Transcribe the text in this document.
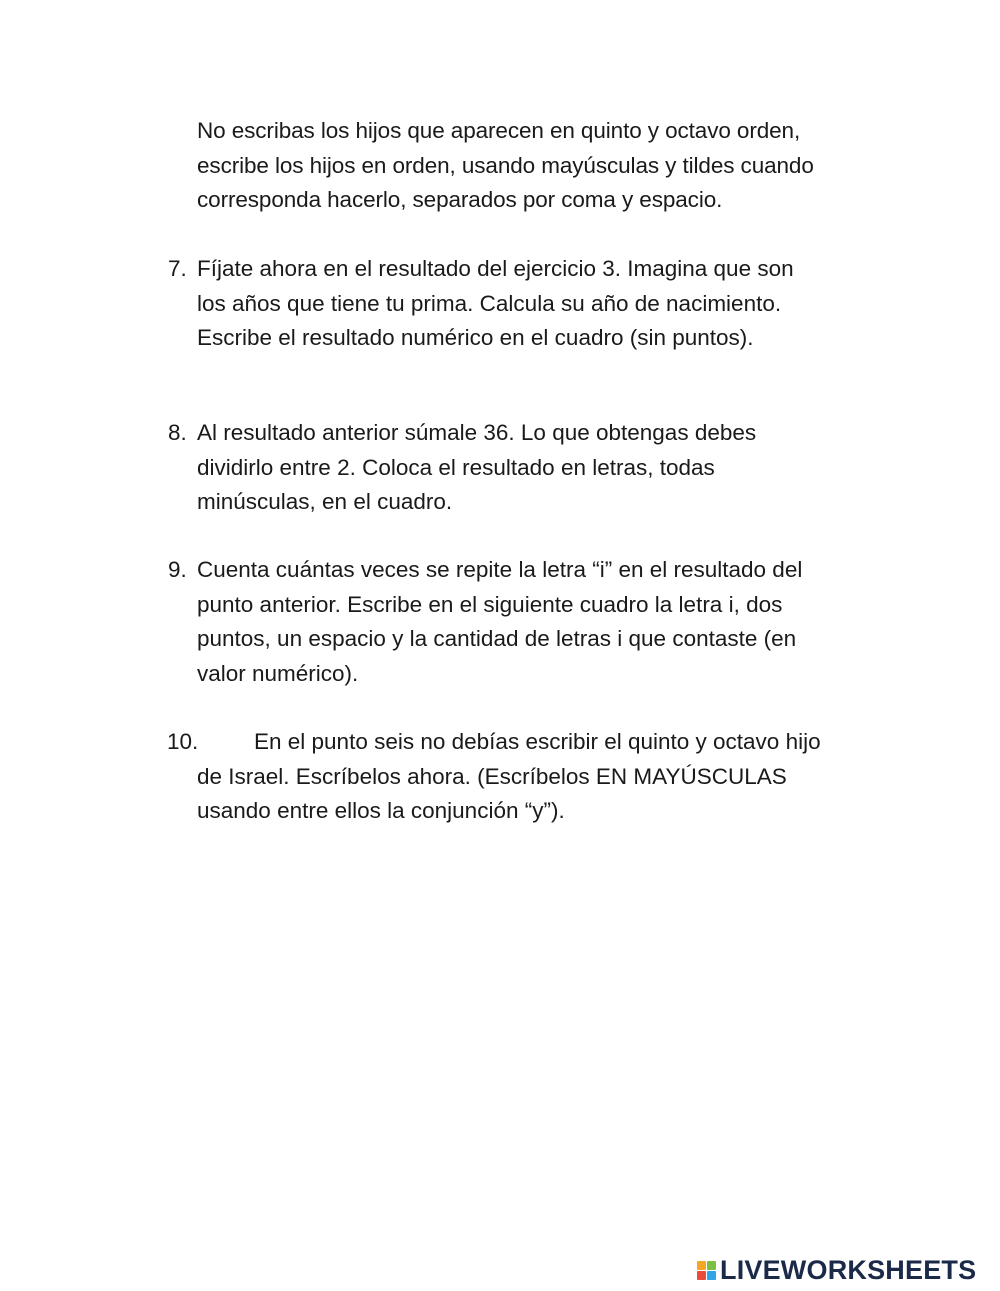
No escribas los hijos que aparecen en quinto y octavo orden,
escribe los hijos en orden, usando mayúsculas y tildes cuando
corresponda hacerlo, separados por coma y espacio.
7. Fíjate ahora en el resultado del ejercicio 3. Imagina que son
los años que tiene tu prima. Calcula su año de nacimiento.
Escribe el resultado numérico en el cuadro (sin puntos).
8. Al resultado anterior súmale 36. Lo que obtengas debes
dividirlo entre 2. Coloca el resultado en letras, todas
minúsculas, en el cuadro.
9. Cuenta cuántas veces se repite la letra “i” en el resultado del
punto anterior. Escribe en el siguiente cuadro la letra i, dos
puntos, un espacio y la cantidad de letras i que contaste (en
valor numérico).
10.	En el punto seis no debías escribir el quinto y octavo hijo
de Israel. Escríbelos ahora. (Escríbelos EN MAYÚSCULAS
usando entre ellos la conjunción “y”).
LIVEWORKSHEETS
